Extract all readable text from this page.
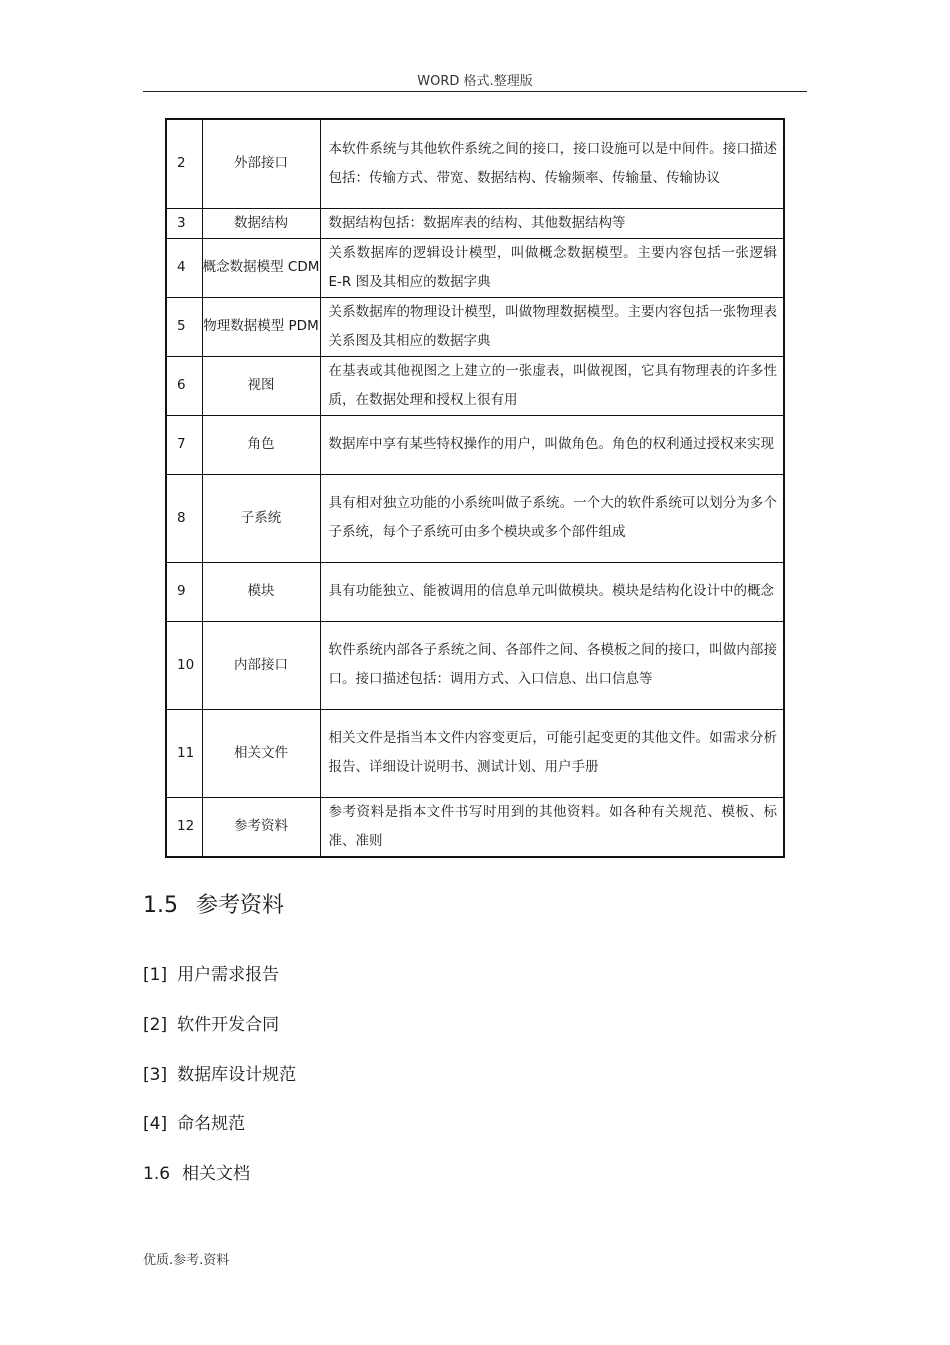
WORD 格式.整理版
2	外部接口	本软件系统与其他软件系统之间的接口，接口设施可以是中间件。接口描述包括：传输方式、带宽、数据结构、传输频率、传输量、传输协议
3	数据结构	数据结构包括：数据库表的结构、其他数据结构等
4	概念数据模型 CDM	关系数据库的逻辑设计模型，叫做概念数据模型。主要内容包括一张逻辑 E-R 图及其相应的数据字典
5	物理数据模型 PDM	关系数据库的物理设计模型，叫做物理数据模型。主要内容包括一张物理表关系图及其相应的数据字典
6	视图	在基表或其他视图之上建立的一张虚表，叫做视图，它具有物理表的许多性质，在数据处理和授权上很有用
7	角色	数据库中享有某些特权操作的用户，叫做角色。角色的权利通过授权来实现
8	子系统	具有相对独立功能的小系统叫做子系统。一个大的软件系统可以划分为多个子系统，每个子系统可由多个模块或多个部件组成
9	模块	具有功能独立、能被调用的信息单元叫做模块。模块是结构化设计中的概念
10	内部接口	软件系统内部各子系统之间、各部件之间、各模板之间的接口，叫做内部接口。接口描述包括：调用方式、入口信息、出口信息等
11	相关文件	相关文件是指当本文件内容变更后，可能引起变更的其他文件。如需求分析报告、详细设计说明书、测试计划、用户手册
12	参考资料	参考资料是指本文件书写时用到的其他资料。如各种有关规范、模板、标准、准则
1.5 参考资料
[1] 用户需求报告
[2] 软件开发合同
[3] 数据库设计规范
[4] 命名规范
1.6 相关文档
优质.参考.资料
